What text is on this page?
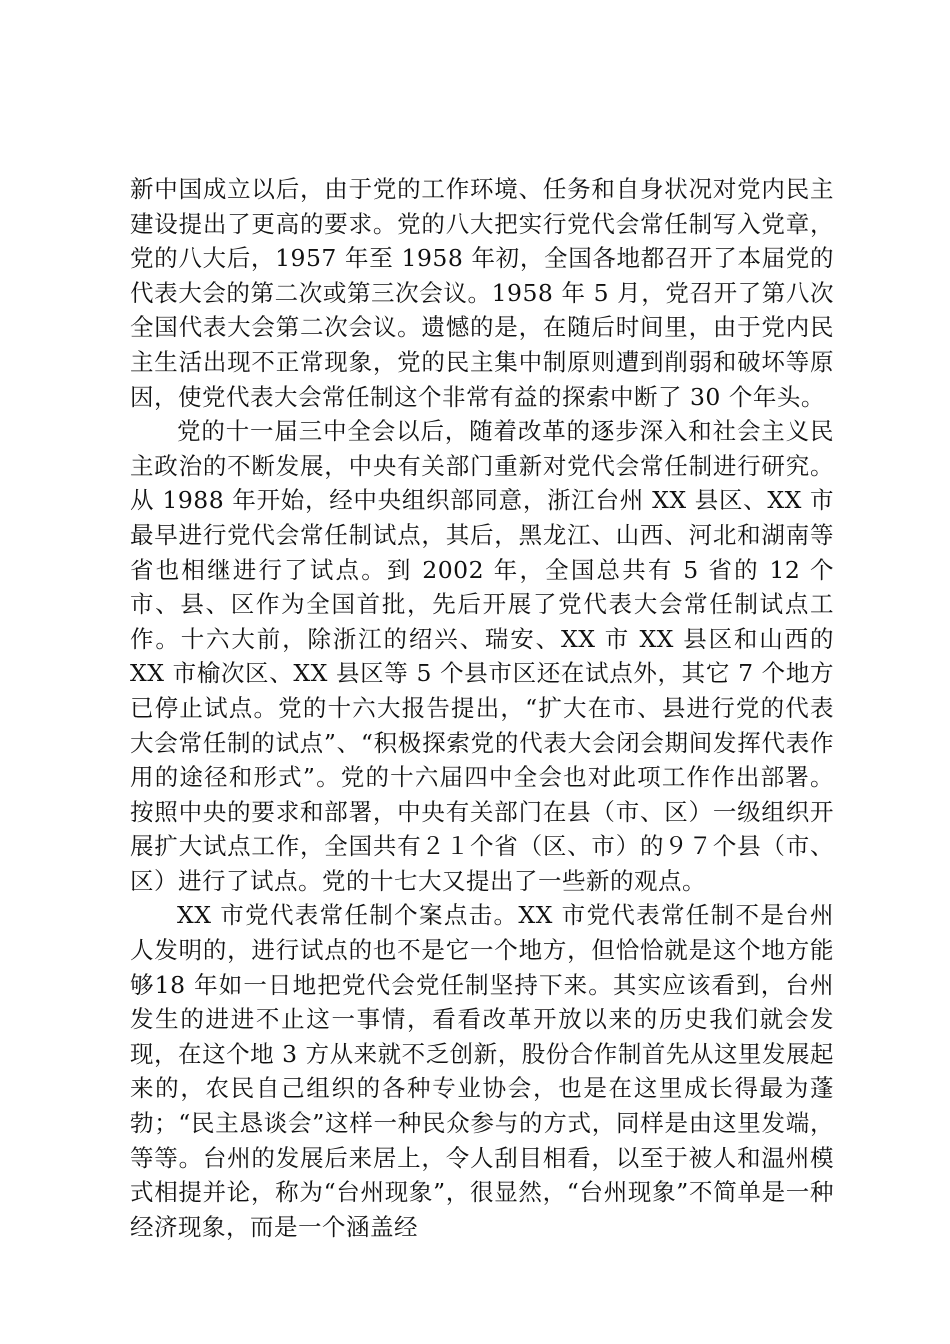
新中国成立以后，由于党的工作环境、任务和自身状况对党内民主建设提出了更高的要求。党的八大把实行党代会常任制写入党章，党的八大后，1957 年至 1958 年初，全国各地都召开了本届党的代表大会的第二次或第三次会议。1958 年 5 月，党召开了第八次全国代表大会第二次会议。遗憾的是，在随后时间里，由于党内民主生活出现不正常现象，党的民主集中制原则遭到削弱和破坏等原因，使党代表大会常任制这个非常有益的探索中断了 30 个年头。

党的十一届三中全会以后，随着改革的逐步深入和社会主义民主政治的不断发展，中央有关部门重新对党代会常任制进行研究。从 1988 年开始，经中央组织部同意，浙江台州 XX 县区、XX 市最早进行党代会常任制试点，其后，黑龙江、山西、河北和湖南等省也相继进行了试点。到 2002 年，全国总共有 5 省的 12 个市、县、区作为全国首批，先后开展了党代表大会常任制试点工作。十六大前，除浙江的绍兴、瑞安、XX 市 XX 县区和山西的 XX 市榆次区、XX 县区等 5 个县市区还在试点外，其它 7 个地方已停止试点。党的十六大报告提出，“扩大在市、县进行党的代表大会常任制的试点”、“积极探索党的代表大会闭会期间发挥代表作用的途径和形式”。党的十六届四中全会也对此项工作作出部署。按照中央的要求和部署，中央有关部门在县（市、区）一级组织开展扩大试点工作，全国共有２１个省（区、市）的９７个县（市、区）进行了试点。党的十七大又提出了一些新的观点。

XX 市党代表常任制个案点击。XX 市党代表常任制不是台州人发明的，进行试点的也不是它一个地方，但恰恰就是这个地方能够18 年如一日地把党代会党任制坚持下来。其实应该看到，台州发生的进进不止这一事情，看看改革开放以来的历史我们就会发现，在这个地 3 方从来就不乏创新，股份合作制首先从这里发展起来的，农民自己组织的各种专业协会，也是在这里成长得最为蓬勃；“民主恳谈会”这样一种民众参与的方式，同样是由这里发端，等等。台州的发展后来居上，令人刮目相看，以至于被人和温州模式相提并论，称为“台州现象”，很显然，“台州现象”不简单是一种经济现象，而是一个涵盖经
